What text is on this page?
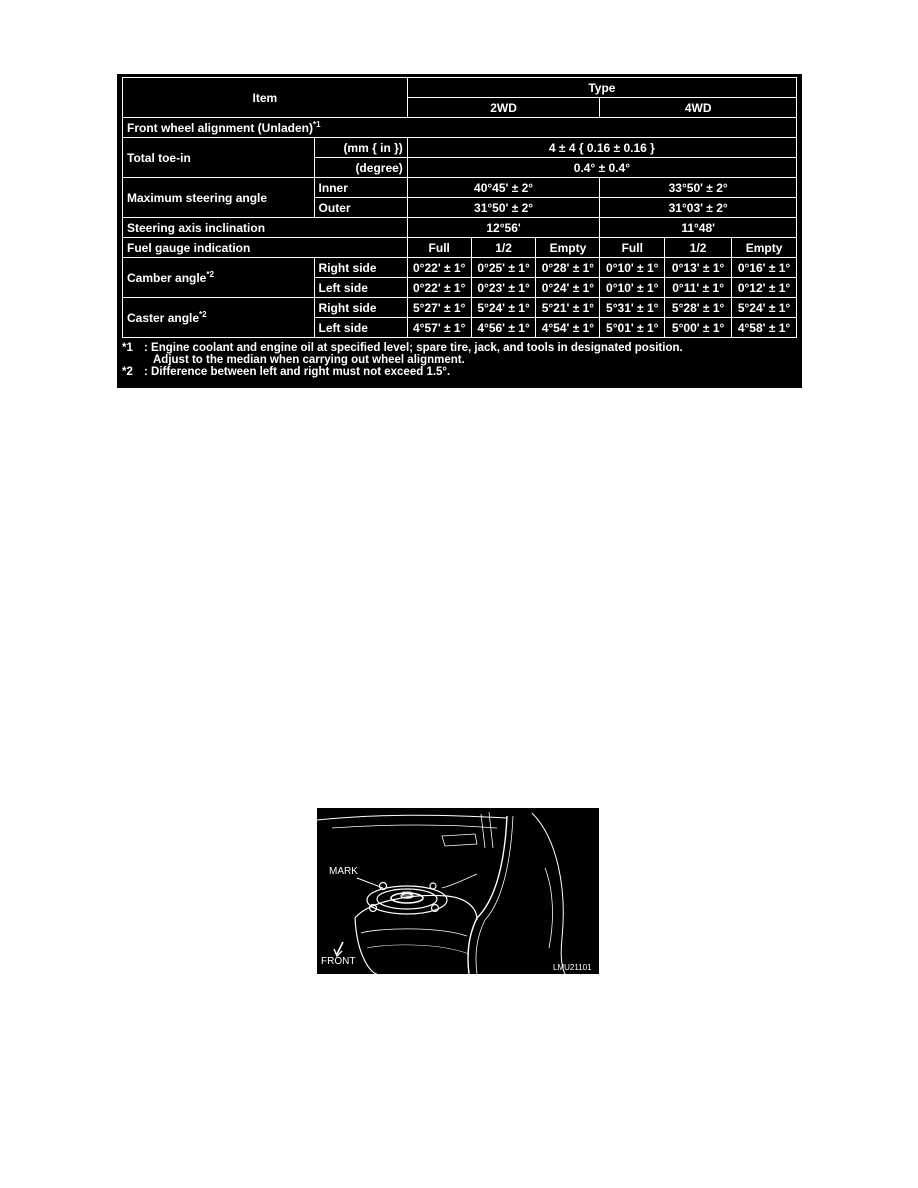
Item		Type					
		2WD			4WD		
Front wheel alignment (Unladen)$^{*1}$
Total toe-in	(mm { in })	4 ± 4 { 0.16 ± 0.16 }					
	(degree)	0.4° ± 0.4°					
Maximum steering angle	Inner	40°45' ± 2°			33°50' ± 2°		
	Outer	31°50' ± 2°			31°03' ± 2°		
Steering axis inclination		12°56'			11°48'		
Fuel gauge indication		Full	1/2	Empty	Full	1/2	Empty
Camber angle$^{*2}$	Right side	0°22' ± 1°	0°25' ± 1°	0°28' ± 1°	0°10' ± 1°	0°13' ± 1°	0°16' ± 1°
	Left side	0°22' ± 1°	0°23' ± 1°	0°24' ± 1°	0°10' ± 1°	0°11' ± 1°	0°12' ± 1°
Caster angle$^{*2}$	Right side	5°27' ± 1°	5°24' ± 1°	5°21' ± 1°	5°31' ± 1°	5°28' ± 1°	5°24' ± 1°
	Left side	4°57' ± 1°	4°56' ± 1°	4°54' ± 1°	5°01' ± 1°	5°00' ± 1°	4°58' ± 1°
*1 : Engine coolant and engine oil at specified level; spare tire, jack, and tools in designated position.
Adjust to the median when carrying out wheel alignment.
*2 : Difference between left and right must not exceed 1.5°.
MARK
FRONT
LMU21101
